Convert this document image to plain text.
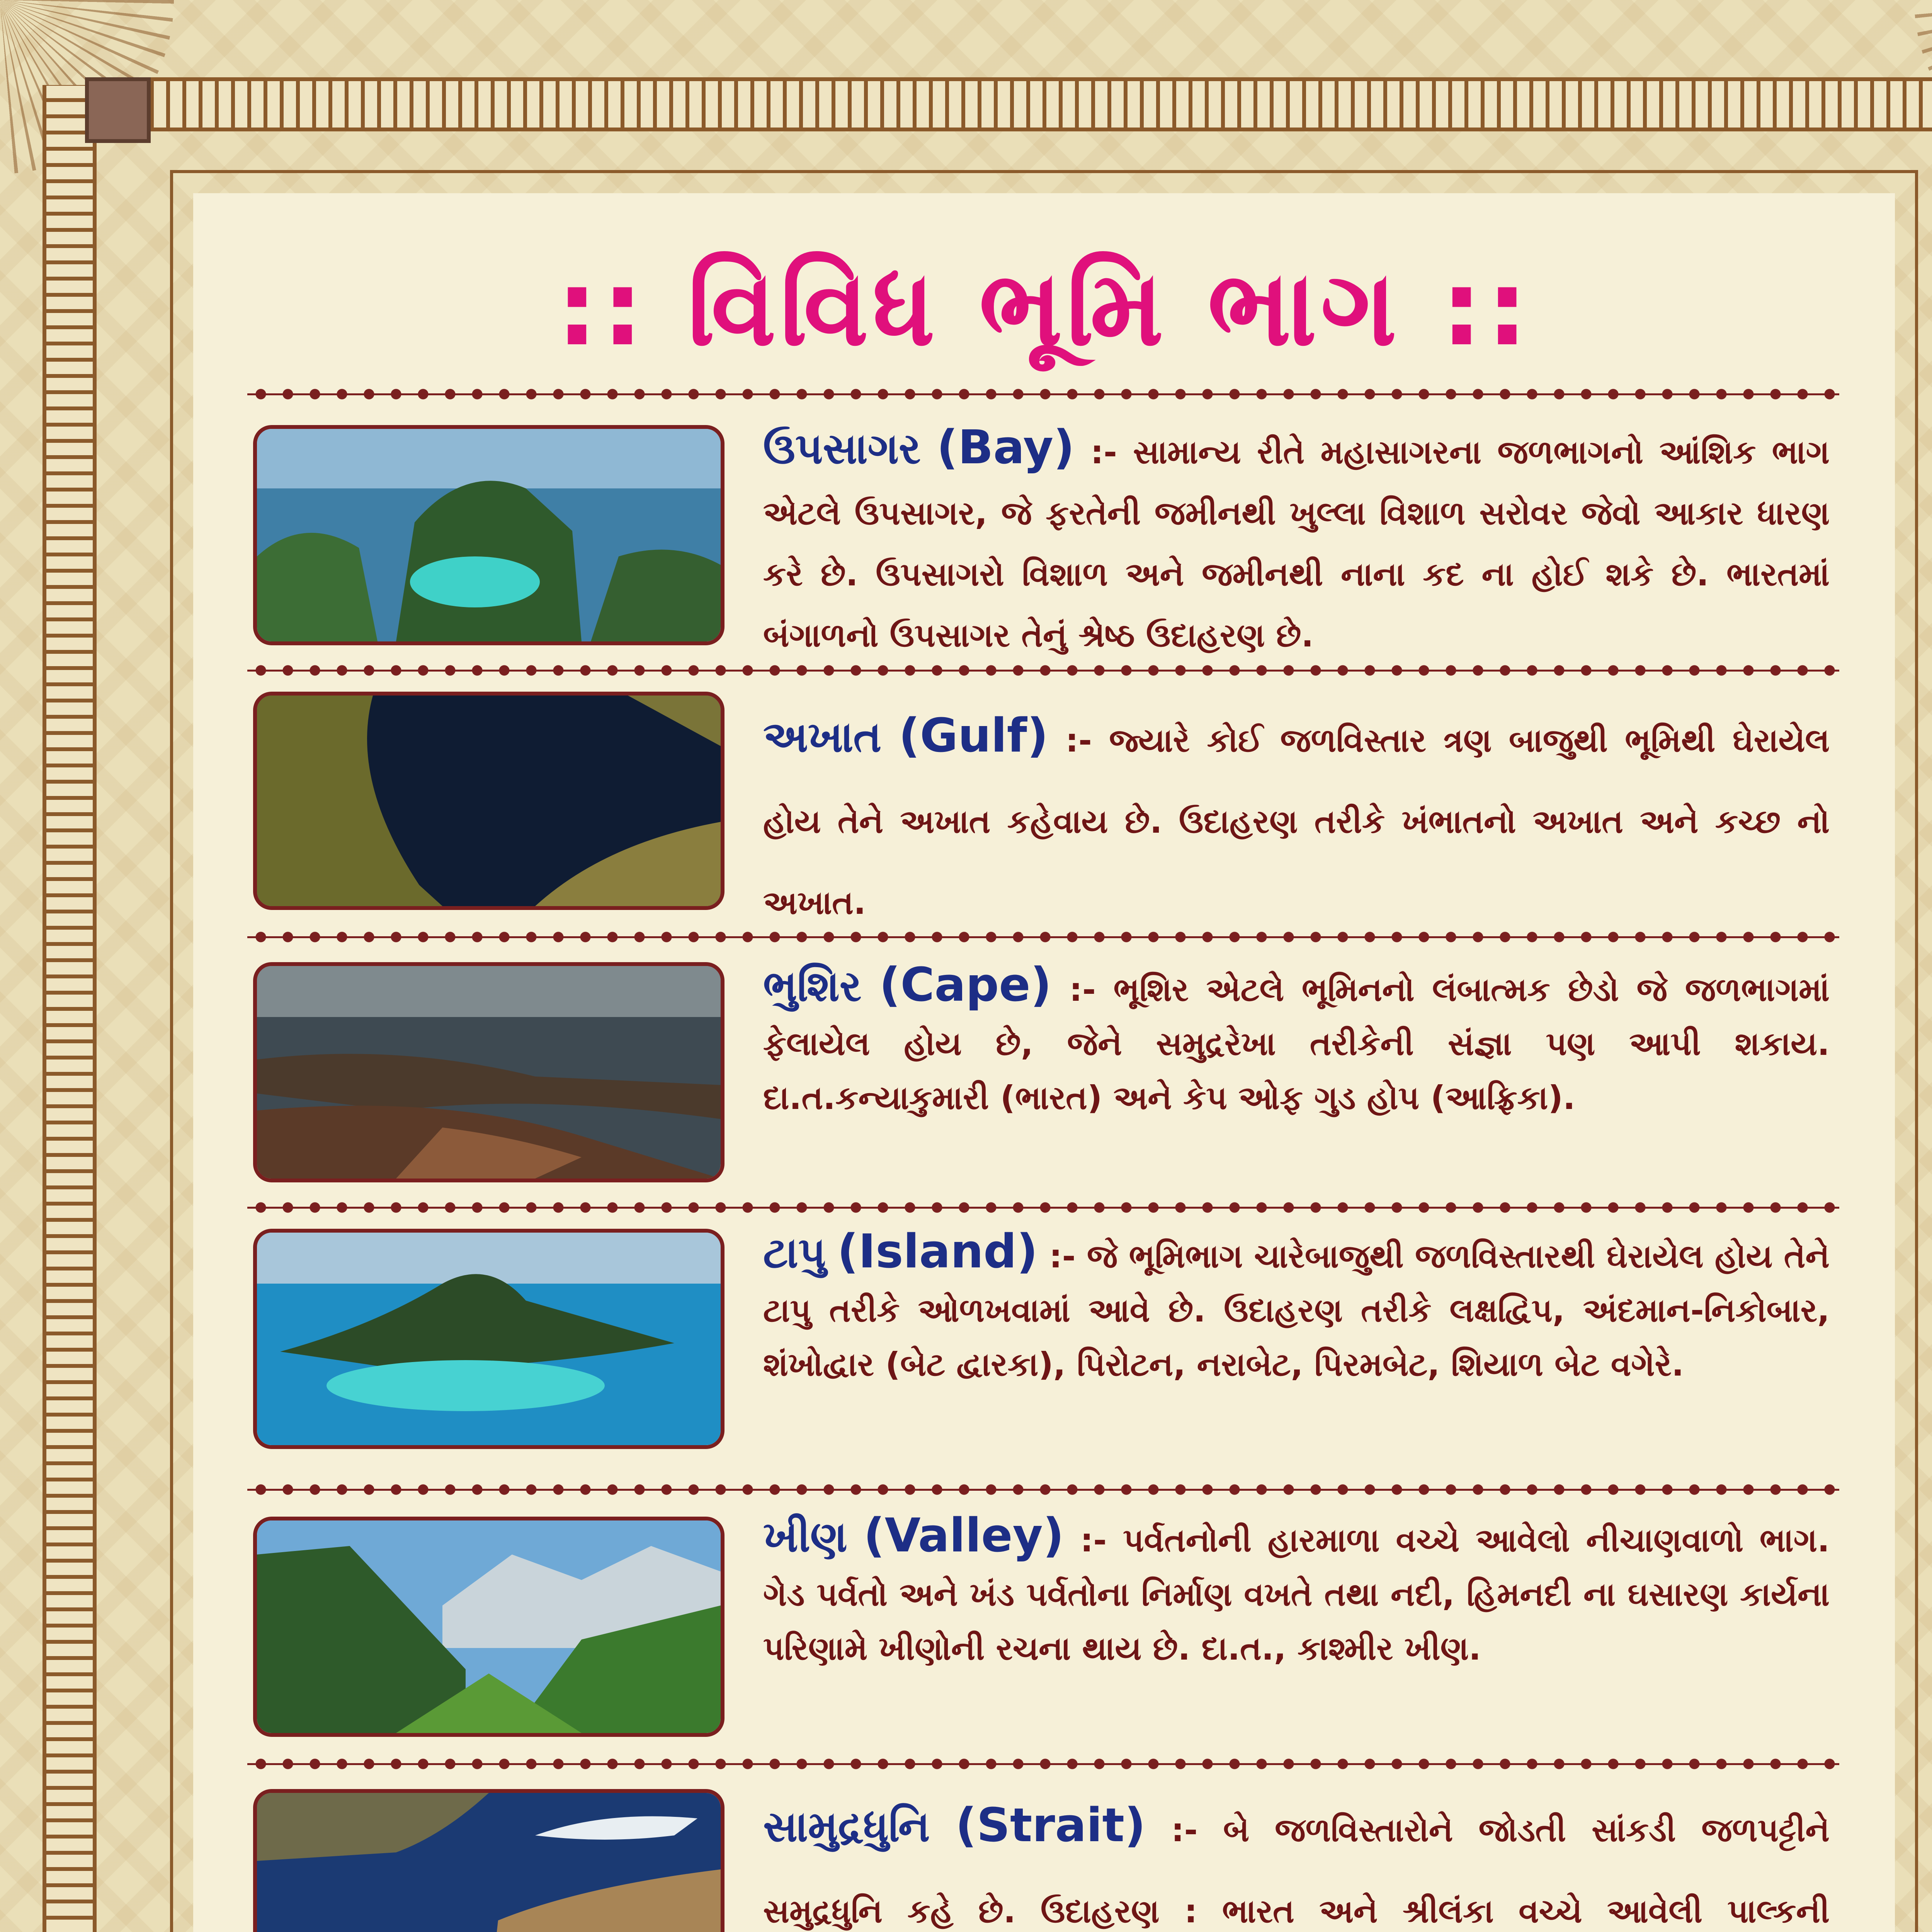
:: વિવિધ ભૂમિ ભાગ ::
ઉપસાગર (Bay) :- સામાન્ય રીતે મહાસાગરના જળભાગનો આંશિક ભાગ એટલે ઉપસાગર, જે ફરતેની જમીનથી ખુલ્લા વિશાળ સરોવર જેવો આકાર ધારણ કરે છે. ઉપસાગરો વિશાળ અને જમીનથી નાના કદ ના હોઈ શકે છે. ભારતમાં બંગાળનો ઉપસાગર તેનું શ્રેષ્ઠ ઉદાહરણ છે.
અખાત (Gulf) :- જ્યારે કોઈ જળવિસ્તાર ત્રણ બાજુથી ભૂમિથી ઘેરાયેલ હોય તેને અખાત કહેવાય છે. ઉદાહરણ તરીકે ખંભાતનો અખાત અને કચ્છ નો અખાત.
ભુશિર (Cape) :- ભૂશિર એટલે ભૂમિનનો લંબાત્મક છેડો જે જળભાગમાં ફેલાયેલ હોય છે, જેને સમુદ્રરેખા તરીકેની સંજ્ઞા પણ આપી શકાય. દા.ત.કન્યાકુમારી (ભારત) અને કેપ ઓફ ગુડ હોપ (આફ્રિકા).
ટાપુ (Island) :- જે ભૂમિભાગ ચારેબાજુથી જળવિસ્તારથી ઘેરાયેલ હોય તેને ટાપુ તરીકે ઓળખવામાં આવે છે. ઉદાહરણ તરીકે લક્ષદ્વિપ, અંદમાન-નિકોબાર, શંખોદ્વાર (બેટ દ્વારકા), પિરોટન, નરાબેટ, પિરમબેટ, શિયાળ બેટ વગેરે.
ખીણ (Valley) :- પર્વતનોની હારમાળા વચ્ચે આવેલો નીચાણવાળો ભાગ. ગેડ પર્વતો અને ખંડ પર્વતોના નિર્માણ વખતે તથા નદી, હિમનદી ના ઘસારણ કાર્યના પરિણામે ખીણોની રચના થાય છે. દા.ત., કાશ્મીર ખીણ.
સામુદ્રધુનિ (Strait) :- બે જળવિસ્તારોને જોડતી સાંકડી જળપટ્ટીને સમુદ્રધુનિ કહે છે. ઉદાહરણ : ભારત અને શ્રીલંકા વચ્ચે આવેલી પાલ્કની
